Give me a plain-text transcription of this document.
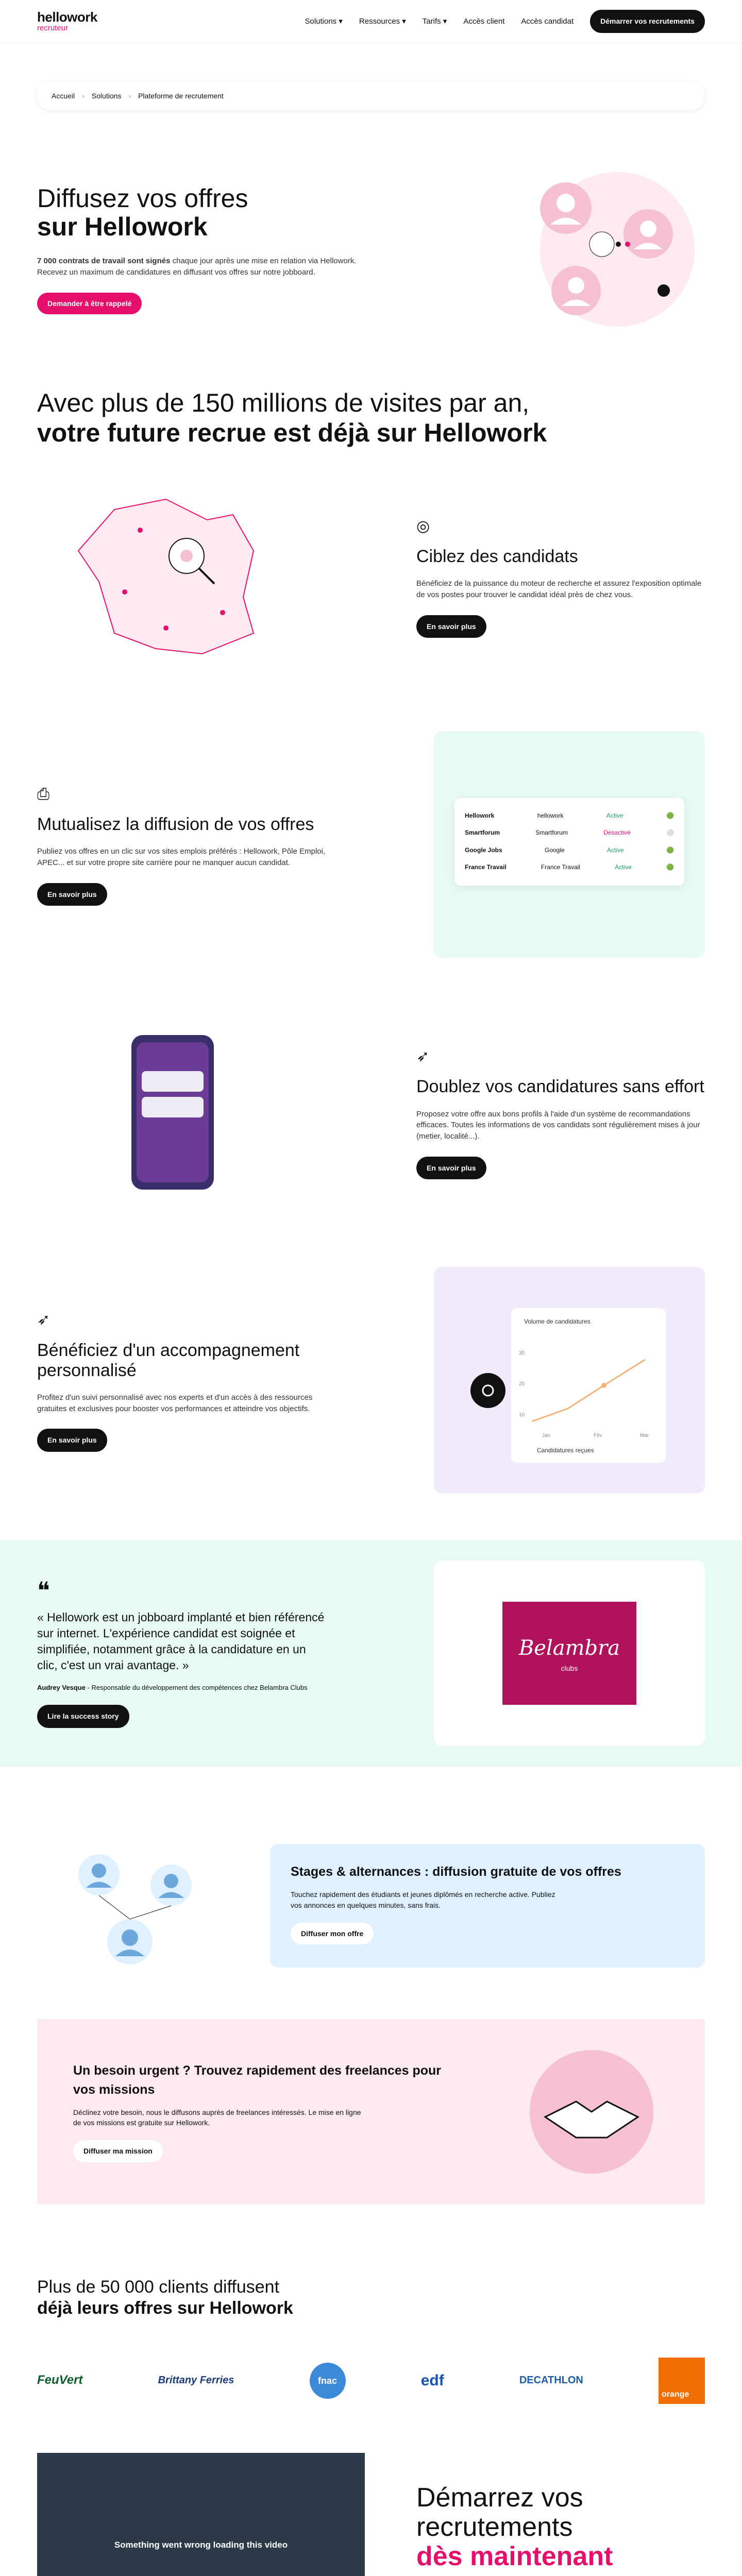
hellowork
recruteur
Solutions ▾ Ressources ▾ Tarifs ▾ Accès client Accès candidat	Démarrer vos recrutements
Accueil › Solutions › Plateforme de recrutement
Diffusez vos offres
sur Hellowork

7 000 contrats de travail sont signés chaque jour après une mise en relation via Hellowork. Recevez un maximum de candidatures en diffusant vos offres sur notre jobboard.

Demander à être rappelé
Avec plus de 150 millions de visites par an,
votre future recrue est déjà sur Hellowork
◎
Ciblez des candidats

Bénéficiez de la puissance du moteur de recherche et assurez l'exposition optimale de vos postes pour trouver le candidat idéal près de chez vous.

En savoir plus
⎙
Mutualisez la diffusion de vos offres

Publiez vos offres en un clic sur vos sites emplois préférés : Hellowork, Pôle Emploi, APEC... et sur votre propre site carrière pour ne manquer aucun candidat.

En savoir plus
Hellowork	hellowork	Active	🟢
Smartforum	Smartforum	Désactivé	⚪
Google Jobs	Google	Active	🟢
France Travail	France Travail	Active	🟢
➶
Doublez vos candidatures sans effort

Proposez votre offre aux bons profils à l'aide d'un système de recommandations efficaces. Toutes les informations de vos candidats sont régulièrement mises à jour (metier, localité...).

En savoir plus
➶
Bénéficiez d'un accompagnement personnalisé

Profitez d'un suivi personnalisé avec nos experts et d'un accès à des ressources gratuites et exclusives pour booster vos performances et atteindre vos objectifs.

En savoir plus
Volume de candidatures
30
20
10
Jan	Fév	Mar
Candidatures reçues
❝

« Hellowork est un jobboard implanté et bien référencé sur internet. L'expérience candidat est soignée et simplifiée, notamment grâce à la candidature en un clic, c'est un vrai avantage. »

Audrey Vesque - Responsable du développement des compétences chez Belambra Clubs

Lire la success story
Belambra
clubs
Stages & alternances : diffusion gratuite de vos offres

Touchez rapidement des étudiants et jeunes diplômés en recherche active. Publiez vos annonces en quelques minutes, sans frais.

Diffuser mon offre
Un besoin urgent ? Trouvez rapidement des freelances pour vos missions

Déclinez votre besoin, nous le diffusons auprès de freelances intéressés. Le mise en ligne de vos missions est gratuite sur Hellowork.

Diffuser ma mission
Plus de 50 000 clients diffusent
déjà leurs offres sur Hellowork
FeuVert	Brittany Ferries	fnac	edf	DECATHLON
orange
Something went wrong loading this video
Démarrez vos recrutements
dès maintenant
